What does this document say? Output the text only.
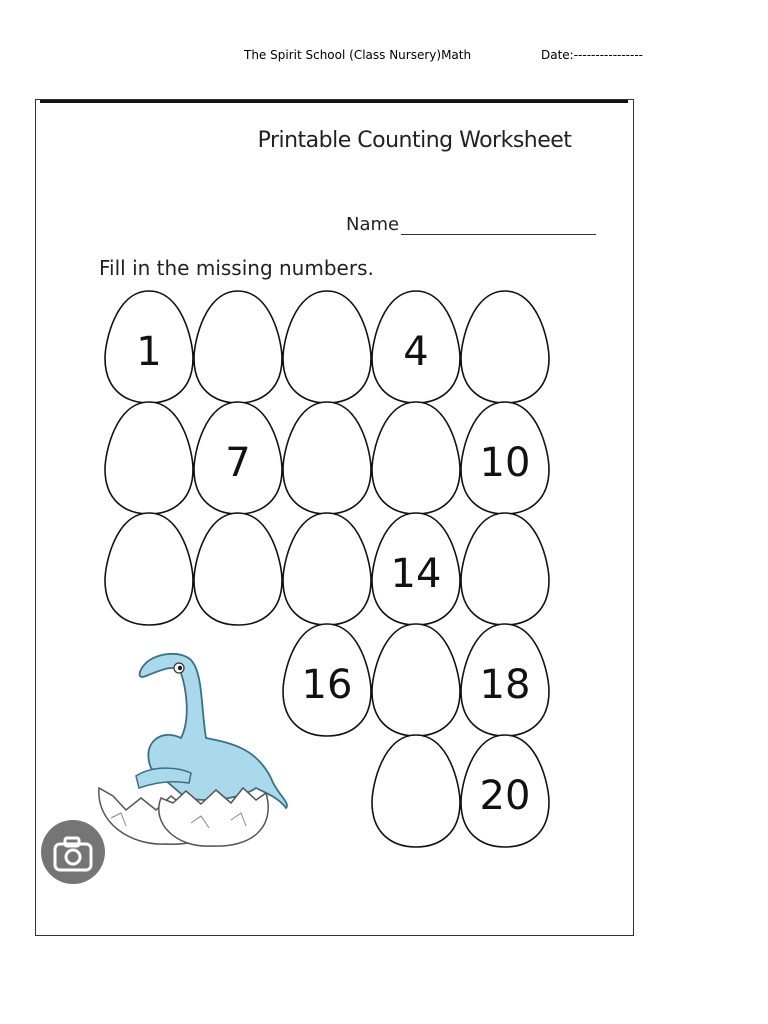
The Spirit School (Class Nursery)Math	Date:----------------
Printable Counting Worksheet
Name
Fill in the missing numbers.
1	4
7	10
14
16	18
20
